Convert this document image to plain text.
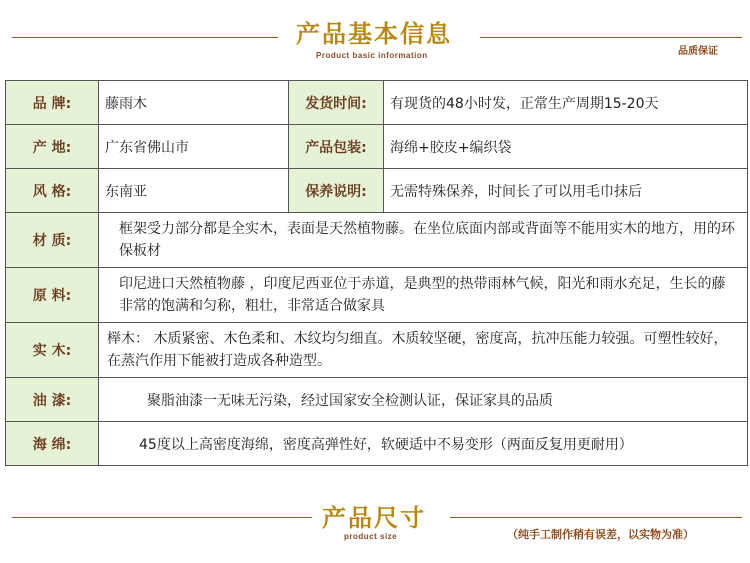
产品基本信息
Product basic information	品质保证
品 牌:	藤雨木	发货时间:	有现货的48小时发，正常生产周期15-20天
产 地:	广东省佛山市	产品包装:	海绵+胶皮+编织袋
风 格:	东南亚	保养说明:	无需特殊保养，时间长了可以用毛巾抹后
材 质:	框架受力部分都是全实木，表面是天然植物藤。在坐位底面内部或背面等不能用实木的地方，用的环保板材		
原 料:	印尼进口天然植物藤 ，印度尼西亚位于赤道，是典型的热带雨林气候，阳光和雨水充足，生长的藤非常的饱满和匀称，粗壮，非常适合做家具		
实 木:	榉木： 木质紧密、木色柔和、木纹均匀细直。木质较坚硬，密度高，抗冲压能力较强。可塑性较好，在蒸汽作用下能被打造成各种造型。		
油 漆:	聚脂油漆一无味无污染，经过国家安全检测认证，保证家具的品质		
海 绵:	45度以上高密度海绵，密度高弹性好，软硬适中不易变形（两面反复用更耐用）		
产品尺寸
product size	（纯手工制作稍有误差，以实物为准）
